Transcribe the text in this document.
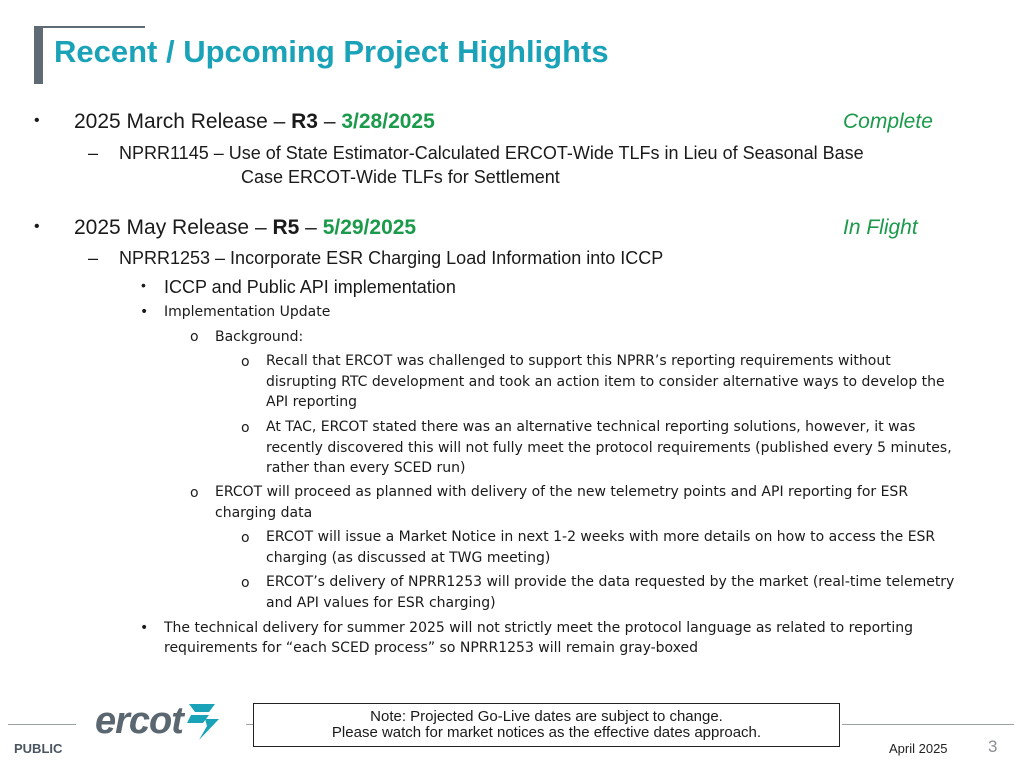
Recent / Upcoming Project Highlights
• 2025 March Release – R3 – 3/28/2025	Complete
– NPRR1145 – Use of State Estimator-Calculated ERCOT-Wide TLFs in Lieu of Seasonal Base
Case ERCOT-Wide TLFs for Settlement
• 2025 May Release – R5 – 5/29/2025	In Flight
– NPRR1253 – Incorporate ESR Charging Load Information into ICCP
• ICCP and Public API implementation
• Implementation Update
o Background:
o Recall that ERCOT was challenged to support this NPRR’s reporting requirements without
disrupting RTC development and took an action item to consider alternative ways to develop the
API reporting
o At TAC, ERCOT stated there was an alternative technical reporting solutions, however, it was
recently discovered this will not fully meet the protocol requirements (published every 5 minutes,
rather than every SCED run)
o ERCOT will proceed as planned with delivery of the new telemetry points and API reporting for ESR
charging data
o ERCOT will issue a Market Notice in next 1-2 weeks with more details on how to access the ESR
charging (as discussed at TWG meeting)
o ERCOT’s delivery of NPRR1253 will provide the data requested by the market (real-time telemetry
and API values for ESR charging)
• The technical delivery for summer 2025 will not strictly meet the protocol language as related to reporting
requirements for “each SCED process” so NPRR1253 will remain gray-boxed
PUBLIC
ercot	Note: Projected Go-Live dates are subject to change.
Please watch for market notices as the effective dates approach.
April 2025 3
